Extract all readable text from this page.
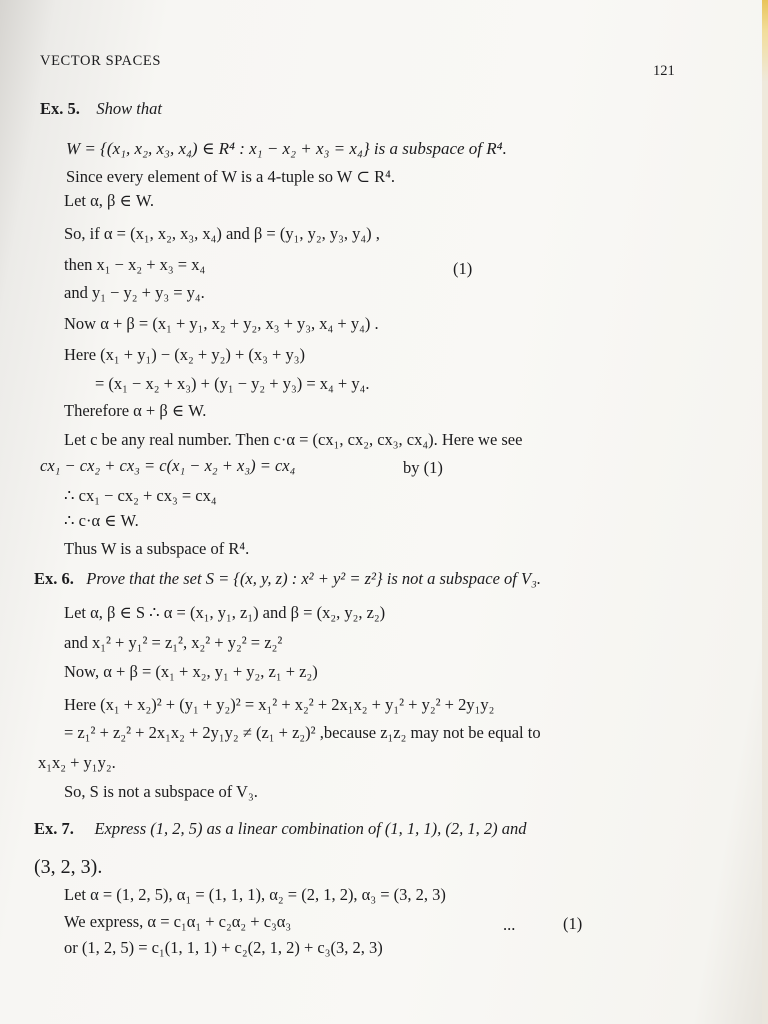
VECTOR SPACES
121
Ex. 5. Show that
W = {(x₁, x₂, x₃, x₄) ∈ R⁴ : x₁ − x₂ + x₃ = x₄} is a subspace of R⁴.
Since every element of W is a 4-tuple so W ⊂ R⁴.
Let α, β ∈ W.
So, if α = (x₁, x₂, x₃, x₄) and β = (y₁, y₂, y₃, y₄) ,
then x₁ − x₂ + x₃ = x₄	(1)
and y₁ − y₂ + y₃ = y₄.
Now α + β = (x₁ + y₁, x₂ + y₂, x₃ + y₃, x₄ + y₄) .
Here (x₁ + y₁) − (x₂ + y₂) + (x₃ + y₃)
= (x₁ − x₂ + x₃) + (y₁ − y₂ + y₃) = x₄ + y₄.
Therefore α + β ∈ W.
Let c be any real number. Then c·α = (cx₁, cx₂, cx₃, cx₄). Here we see
cx₁ − cx₂ + cx₃ = c(x₁ − x₂ + x₃) = cx₄	by (1)
∴ cx₁ − cx₂ + cx₃ = cx₄
∴ c·α ∈ W.
Thus W is a subspace of R⁴.
Ex. 6. Prove that the set S = {(x, y, z) : x² + y² = z²} is not a subspace of V₃.
Let α, β ∈ S ∴ α = (x₁, y₁, z₁) and β = (x₂, y₂, z₂)
and x₁² + y₁² = z₁², x₂² + y₂² = z₂²
Now, α + β = (x₁ + x₂, y₁ + y₂, z₁ + z₂)
Here (x₁ + x₂)² + (y₁ + y₂)² = x₁² + x₂² + 2x₁x₂ + y₁² + y₂² + 2y₁y₂
= z₁² + z₂² + 2x₁x₂ + 2y₁y₂ ≠ (z₁ + z₂)² ,because z₁z₂ may not be equal to
x₁x₂ + y₁y₂.
So, S is not a subspace of V₃.
Ex. 7. Express (1, 2, 5) as a linear combination of (1, 1, 1), (2, 1, 2) and
(3, 2, 3).
Let α = (1, 2, 5), α₁ = (1, 1, 1), α₂ = (2, 1, 2), α₃ = (3, 2, 3)
We express, α = c₁α₁ + c₂α₂ + c₃α₃	...	(1)
or (1, 2, 5) = c₁(1, 1, 1) + c₂(2, 1, 2) + c₃(3, 2, 3)
